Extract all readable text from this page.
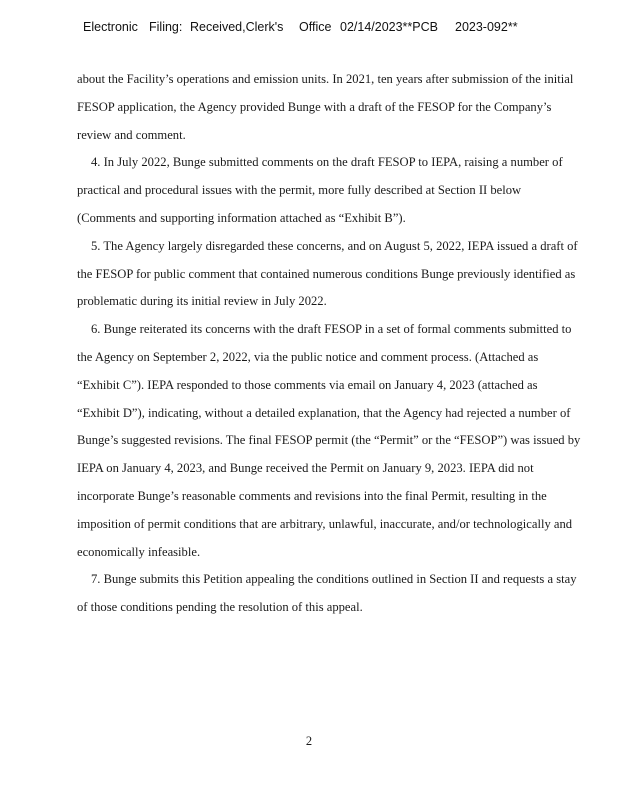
Electronic Filing: Received,Clerk's Office 02/14/2023**PCB 2023-092**

about the Facility’s operations and emission units. In 2021, ten years after submission of the initial FESOP application, the Agency provided Bunge with a draft of the FESOP for the Company’s review and comment.

4. In July 2022, Bunge submitted comments on the draft FESOP to IEPA, raising a number of practical and procedural issues with the permit, more fully described at Section II below (Comments and supporting information attached as “Exhibit B”).

5. The Agency largely disregarded these concerns, and on August 5, 2022, IEPA issued a draft of the FESOP for public comment that contained numerous conditions Bunge previously identified as problematic during its initial review in July 2022.

6. Bunge reiterated its concerns with the draft FESOP in a set of formal comments submitted to the Agency on September 2, 2022, via the public notice and comment process. (Attached as “Exhibit C”). IEPA responded to those comments via email on January 4, 2023 (attached as “Exhibit D”), indicating, without a detailed explanation, that the Agency had rejected a number of Bunge’s suggested revisions. The final FESOP permit (the “Permit” or the “FESOP”) was issued by IEPA on January 4, 2023, and Bunge received the Permit on January 9, 2023. IEPA did not incorporate Bunge’s reasonable comments and revisions into the final Permit, resulting in the imposition of permit conditions that are arbitrary, unlawful, inaccurate, and/or technologically and economically infeasible.

7. Bunge submits this Petition appealing the conditions outlined in Section II and requests a stay of those conditions pending the resolution of this appeal.

2
